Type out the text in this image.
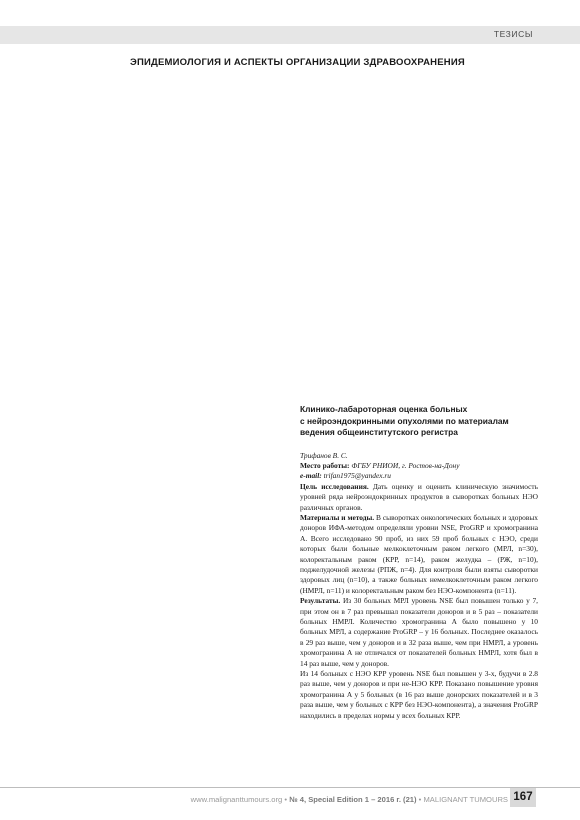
ТЕЗИСЫ
ЭПИДЕМИОЛОГИЯ И АСПЕКТЫ ОРГАНИЗАЦИИ ЗДРАВООХРАНЕНИЯ
Клинико-лабароторная оценка больных
с нейроэндокринными опухолями по материалам
ведения общеинститутского регистра

Трифанов В. С.

Место работы: ФГБУ РНИОИ, г. Ростов-на-Дону

e-mail: trifan1975@yandex.ru

Цель исследования. Дать оценку и оценить клиническую значимость уровней ряда нейроэндокринных продуктов в сыворотках больных НЭО различных органов.

Материалы и методы. В сыворотках онкологических больных и здоровых доноров ИФА-методом определяли уровни NSE, ProGRP и хромогранина А. Всего исследовано 90 проб, из них 59 проб больных с НЭО, среди которых были больные мелкоклеточным раком легкого (МРЛ, n=30), колоректальным раком (КРР, n=14), раком желудка – (РЖ, n=10), поджелудочной железы (РПЖ, n=4). Для контроля были взяты сыворотки здоровых лиц (n=10), а также больных немелкоклеточным раком легкого (НМРЛ, n=11) и колоректальным раком без НЭО-компонента (n=11).

Результаты. Из 30 больных МРЛ уровень NSE был повышен только у 7, при этом он в 7 раз превышал показатели доноров и в 5 раз – показатели больных НМРЛ. Количество хромогранина А было повышено у 10 больных МРЛ, а содержание ProGRP – у 16 больных. Последнее оказалось в 29 раз выше, чем у доноров и в 32 раза выше, чем при НМРЛ, а уровень хромогранина А не отличался от показателей больных НМРЛ, хотя был в 14 раз выше, чем у доноров.

Из 14 больных с НЭО КРР уровень NSE был повышен у 3-х, будучи в 2.8 раз выше, чем у доноров и при не-НЭО КРР. Показано повышение уровня хромогранина А у 5 больных (в 16 раз выше донорских показателей и в 3 раза выше, чем у больных с КРР без НЭО-компонента), а значения ProGRP находились в пределах нормы у всех больных КРР.

www.malignanttumours.org • № 4, Special Edition 1 – 2016 г. (21) • MALIGNANT TUMOURS 167
